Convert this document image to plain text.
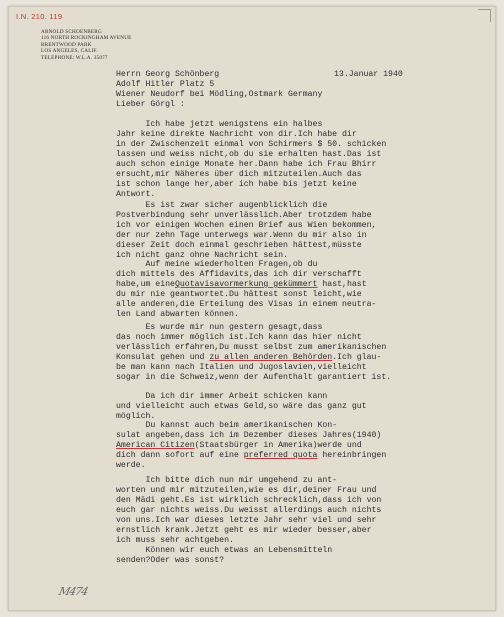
I.N. 210. 119
ARNOLD SCHOENBERG
116 NORTH ROCKINGHAM AVENUE
BRENTWOOD PARK
LOS ANGELES, CALIF.
TELEPHONE: W.L.A. 35077
13.Januar 1940
Herrn Georg Schönberg
Adolf Hitler Platz 5
Wiener Neudorf bei Mödling,Ostmark Germany
Lieber Görgl :
Ich habe jetzt wenigstens ein halbes
Jahr keine direkte Nachricht von dir.Ich habe dir
in der Zwischenzeit einmal von Schirmers $ 50. schicken
lassen und weiss nicht,ob du sie erhalten hast.Das ist
auch schon einige Monate her.Dann habe ich Frau Bhirr
ersucht,mir Näheres über dich mitzuteilen.Auch das
ist schon lange her,aber ich habe bis jetzt keine
Antwort.
Es ist zwar sicher augenblicklich die
Postverbindung sehr unverlässlich.Aber trotzdem habe
ich vor einigen Wochen einen Brief aus Wien bekommen,
der nur zehn Tage unterwegs war.Wenn du mir also in
dieser Zeit doch einmal geschrieben hättest,müsste
ich nicht ganz ohne Nachricht sein.
Auf meine wiederholten Fragen,ob du
dich mittels des Affidavits,das ich dir verschafft
habe,um eineQuotavisavormerkung gekümmert hast,hast
du mir nie geantwortet.Du hättest sonst leicht,wie
alle anderen,die Erteilung des Visas in einem neutra-
len Land abwarten können.
Es wurde mir nun gestern gesagt,dass
das noch immer möglich ist.Ich kann das hier nicht
verlässlich erfahren,Du musst selbst zum amerikanischen
Konsulat gehen und zu allen anderen Behörden.Ich glau-
be man kann nach Italien und Jugoslavien,vielleicht
sogar in die Schweiz,wenn der Aufenthalt garantiert ist.
Da ich dir immer Arbeit schicken kann
und vielleicht auch etwas Geld,so wäre das ganz gut
möglich.
Du kannst auch beim amerikanischen Kon-
sulat angeben,dass ich im Dezember dieses Jahres(1940)
American Citizen(Staatsbürger in Amerika)werde und
dich dann sofort auf eine preferred quota hereinbringen
werde.
Ich bitte dich nun mir umgehend zu ant-
worten und mir mitzuteilen,wie es dir,deiner Frau und
den Mädi geht.Es ist wirklich schrecklich,dass ich von
euch gar nichts weiss.Du weisst allerdings auch nichts
von uns.Ich war dieses letzte Jahr sehr viel und sehr
ernstlich krank.Jetzt geht es mir wieder besser,aber
ich muss sehr achtgeben.
Können wir euch etwas an Lebensmitteln
senden?Oder was sonst?
Μ474
